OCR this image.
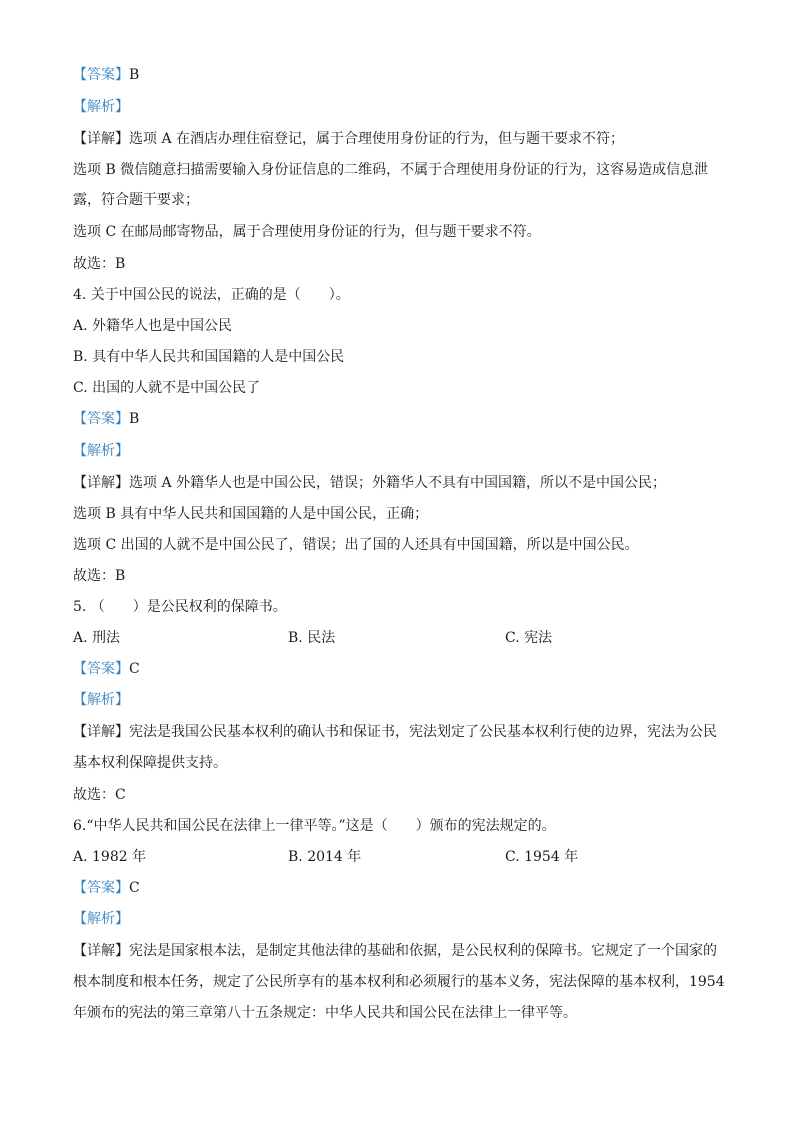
【答案】B
【解析】
【详解】选项 A 在酒店办理住宿登记，属于合理使用身份证的行为，但与题干要求不符；
选项 B 微信随意扫描需要输入身份证信息的二维码，不属于合理使用身份证的行为，这容易造成信息泄
露，符合题干要求；
选项 C 在邮局邮寄物品，属于合理使用身份证的行为，但与题干要求不符。
故选：B
4. 关于中国公民的说法，正确的是（　　）。
A. 外籍华人也是中国公民
B. 具有中华人民共和国国籍的人是中国公民
C. 出国的人就不是中国公民了
【答案】B
【解析】
【详解】选项 A 外籍华人也是中国公民，错误；外籍华人不具有中国国籍，所以不是中国公民；
选项 B 具有中华人民共和国国籍的人是中国公民，正确；
选项 C 出国的人就不是中国公民了，错误；出了国的人还具有中国国籍，所以是中国公民。
故选：B
5. （　　）是公民权利的保障书。
A. 刑法	B. 民法	C. 宪法
【答案】C
【解析】
【详解】宪法是我国公民基本权利的确认书和保证书，宪法划定了公民基本权利行使的边界，宪法为公民
基本权利保障提供支持。
故选：C
6.“中华人民共和国公民在法律上一律平等。”这是（　　）颁布的宪法规定的。
A. 1982 年	B. 2014 年	C. 1954 年
【答案】C
【解析】
【详解】宪法是国家根本法，是制定其他法律的基础和依据，是公民权利的保障书。它规定了一个国家的
根本制度和根本任务，规定了公民所享有的基本权利和必须履行的基本义务，宪法保障的基本权利，1954
年颁布的宪法的第三章第八十五条规定：中华人民共和国公民在法律上一律平等。
